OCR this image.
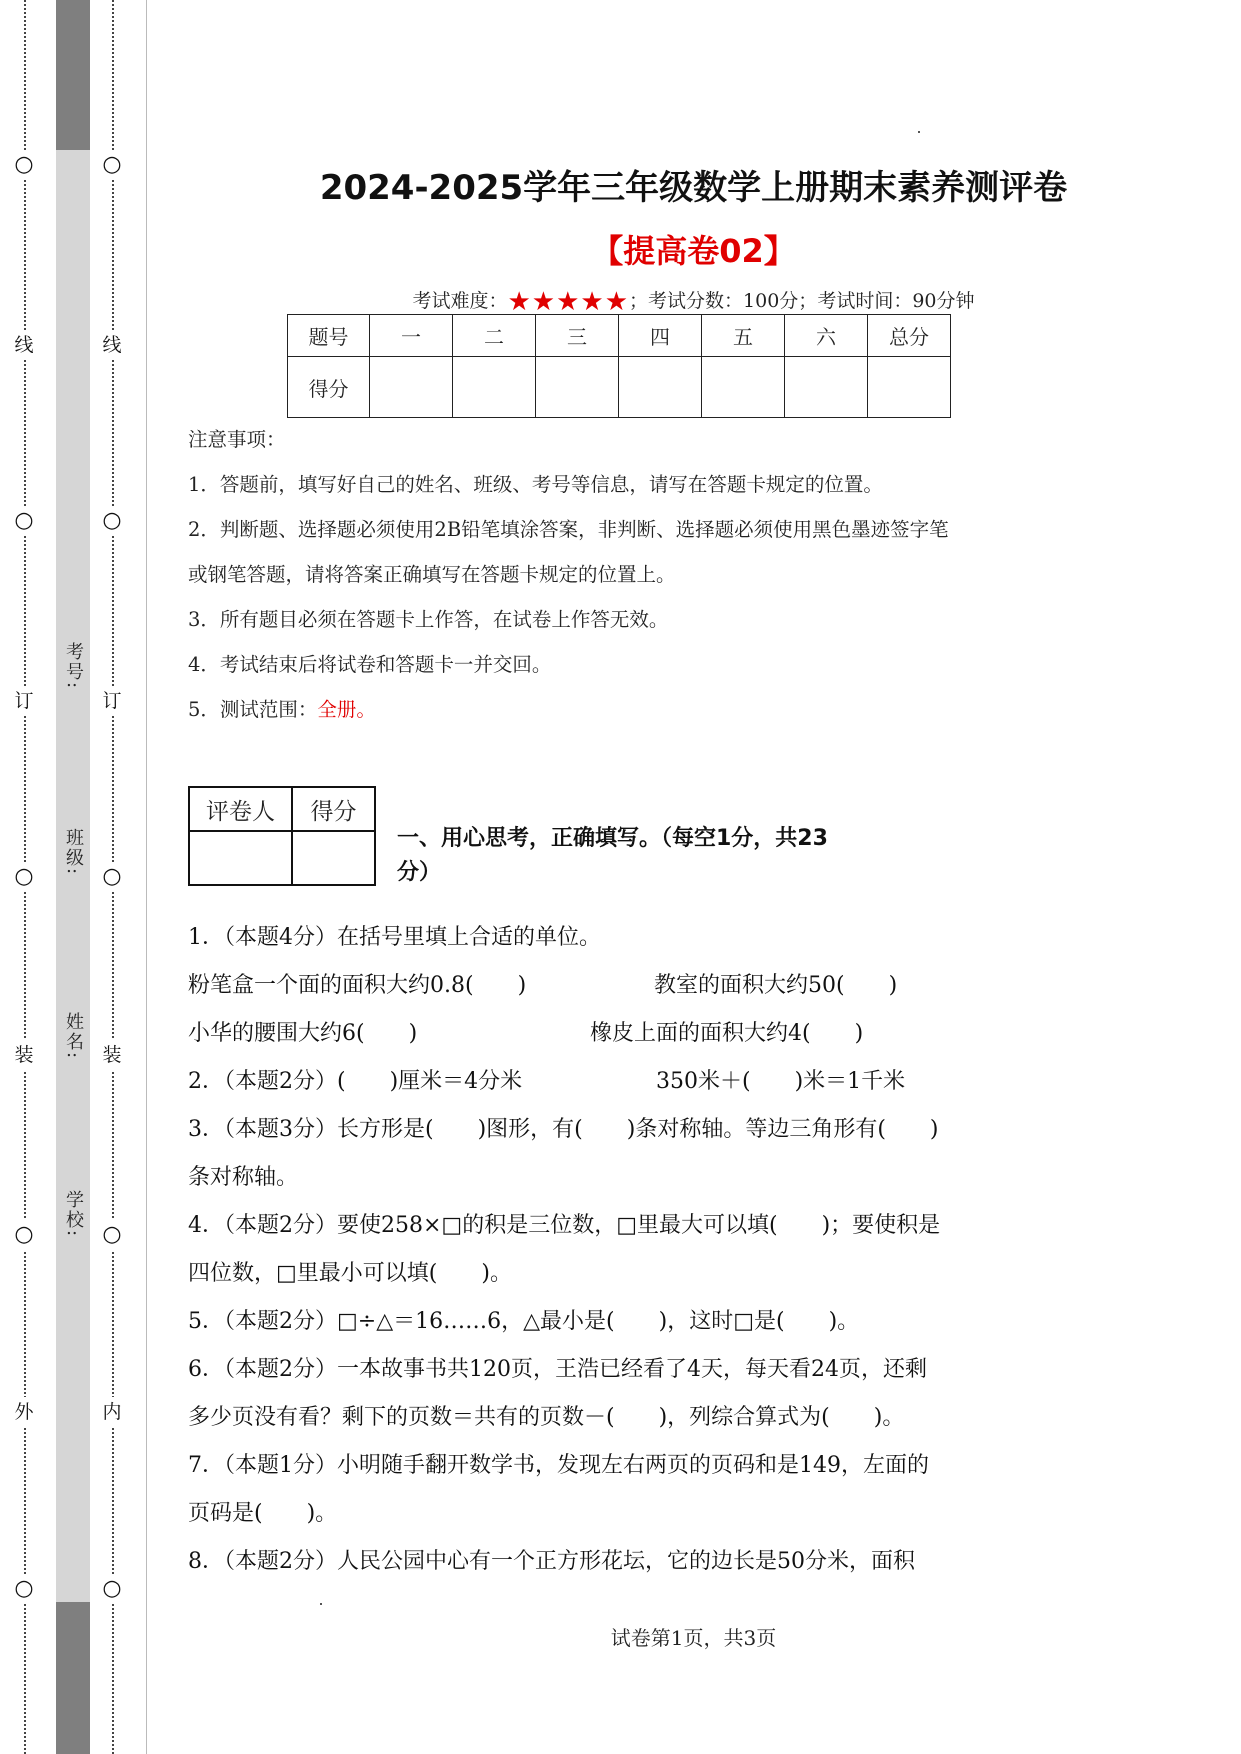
○
线
○
订
○
装
○
外
○
○
线
○
订
○
装
○
内
○
考号:
班级:
姓名:
学校:
2024-2025学年三年级数学上册期末素养测评卷
【提高卷02】
考试难度：★★★★★；考试分数：100分；考试时间：90分钟
题号	一	二	三	四	五	六	总分
得分							
注意事项：
1．答题前，填写好自己的姓名、班级、考号等信息，请写在答题卡规定的位置。
2．判断题、选择题必须使用2B铅笔填涂答案，非判断、选择题必须使用黑色墨迹签字笔
或钢笔答题，请将答案正确填写在答题卡规定的位置上。
3．所有题目必须在答题卡上作答，在试卷上作答无效。
4．考试结束后将试卷和答题卡一并交回。
5．测试范围：全册。
评卷人	得分

一、用心思考，正确填写。（每空1分，共23
分）
1．（本题4分）在括号里填上合适的单位。
粉笔盒一个面的面积大约0.8(　　)	教室的面积大约50(　　)
小华的腰围大约6(　　)	橡皮上面的面积大约4(　　)
2．（本题2分）(　　)厘米＝4分米	350米＋(　　)米＝1千米
3．（本题3分）长方形是(　　)图形，有(　　)条对称轴。等边三角形有(　　)
条对称轴。
4．（本题2分）要使258×□的积是三位数，□里最大可以填(　　)；要使积是
四位数，□里最小可以填(　　)。
5．（本题2分）□÷△＝16……6，△最小是(　　)，这时□是(　　)。
6．（本题2分）一本故事书共120页，王浩已经看了4天，每天看24页，还剩
多少页没有看？剩下的页数＝共有的页数－(　　)，列综合算式为(　　)。
7．（本题1分）小明随手翻开数学书，发现左右两页的页码和是149，左面的
页码是(　　)。
8．（本题2分）人民公园中心有一个正方形花坛，它的边长是50分米，面积
试卷第1页，共3页
